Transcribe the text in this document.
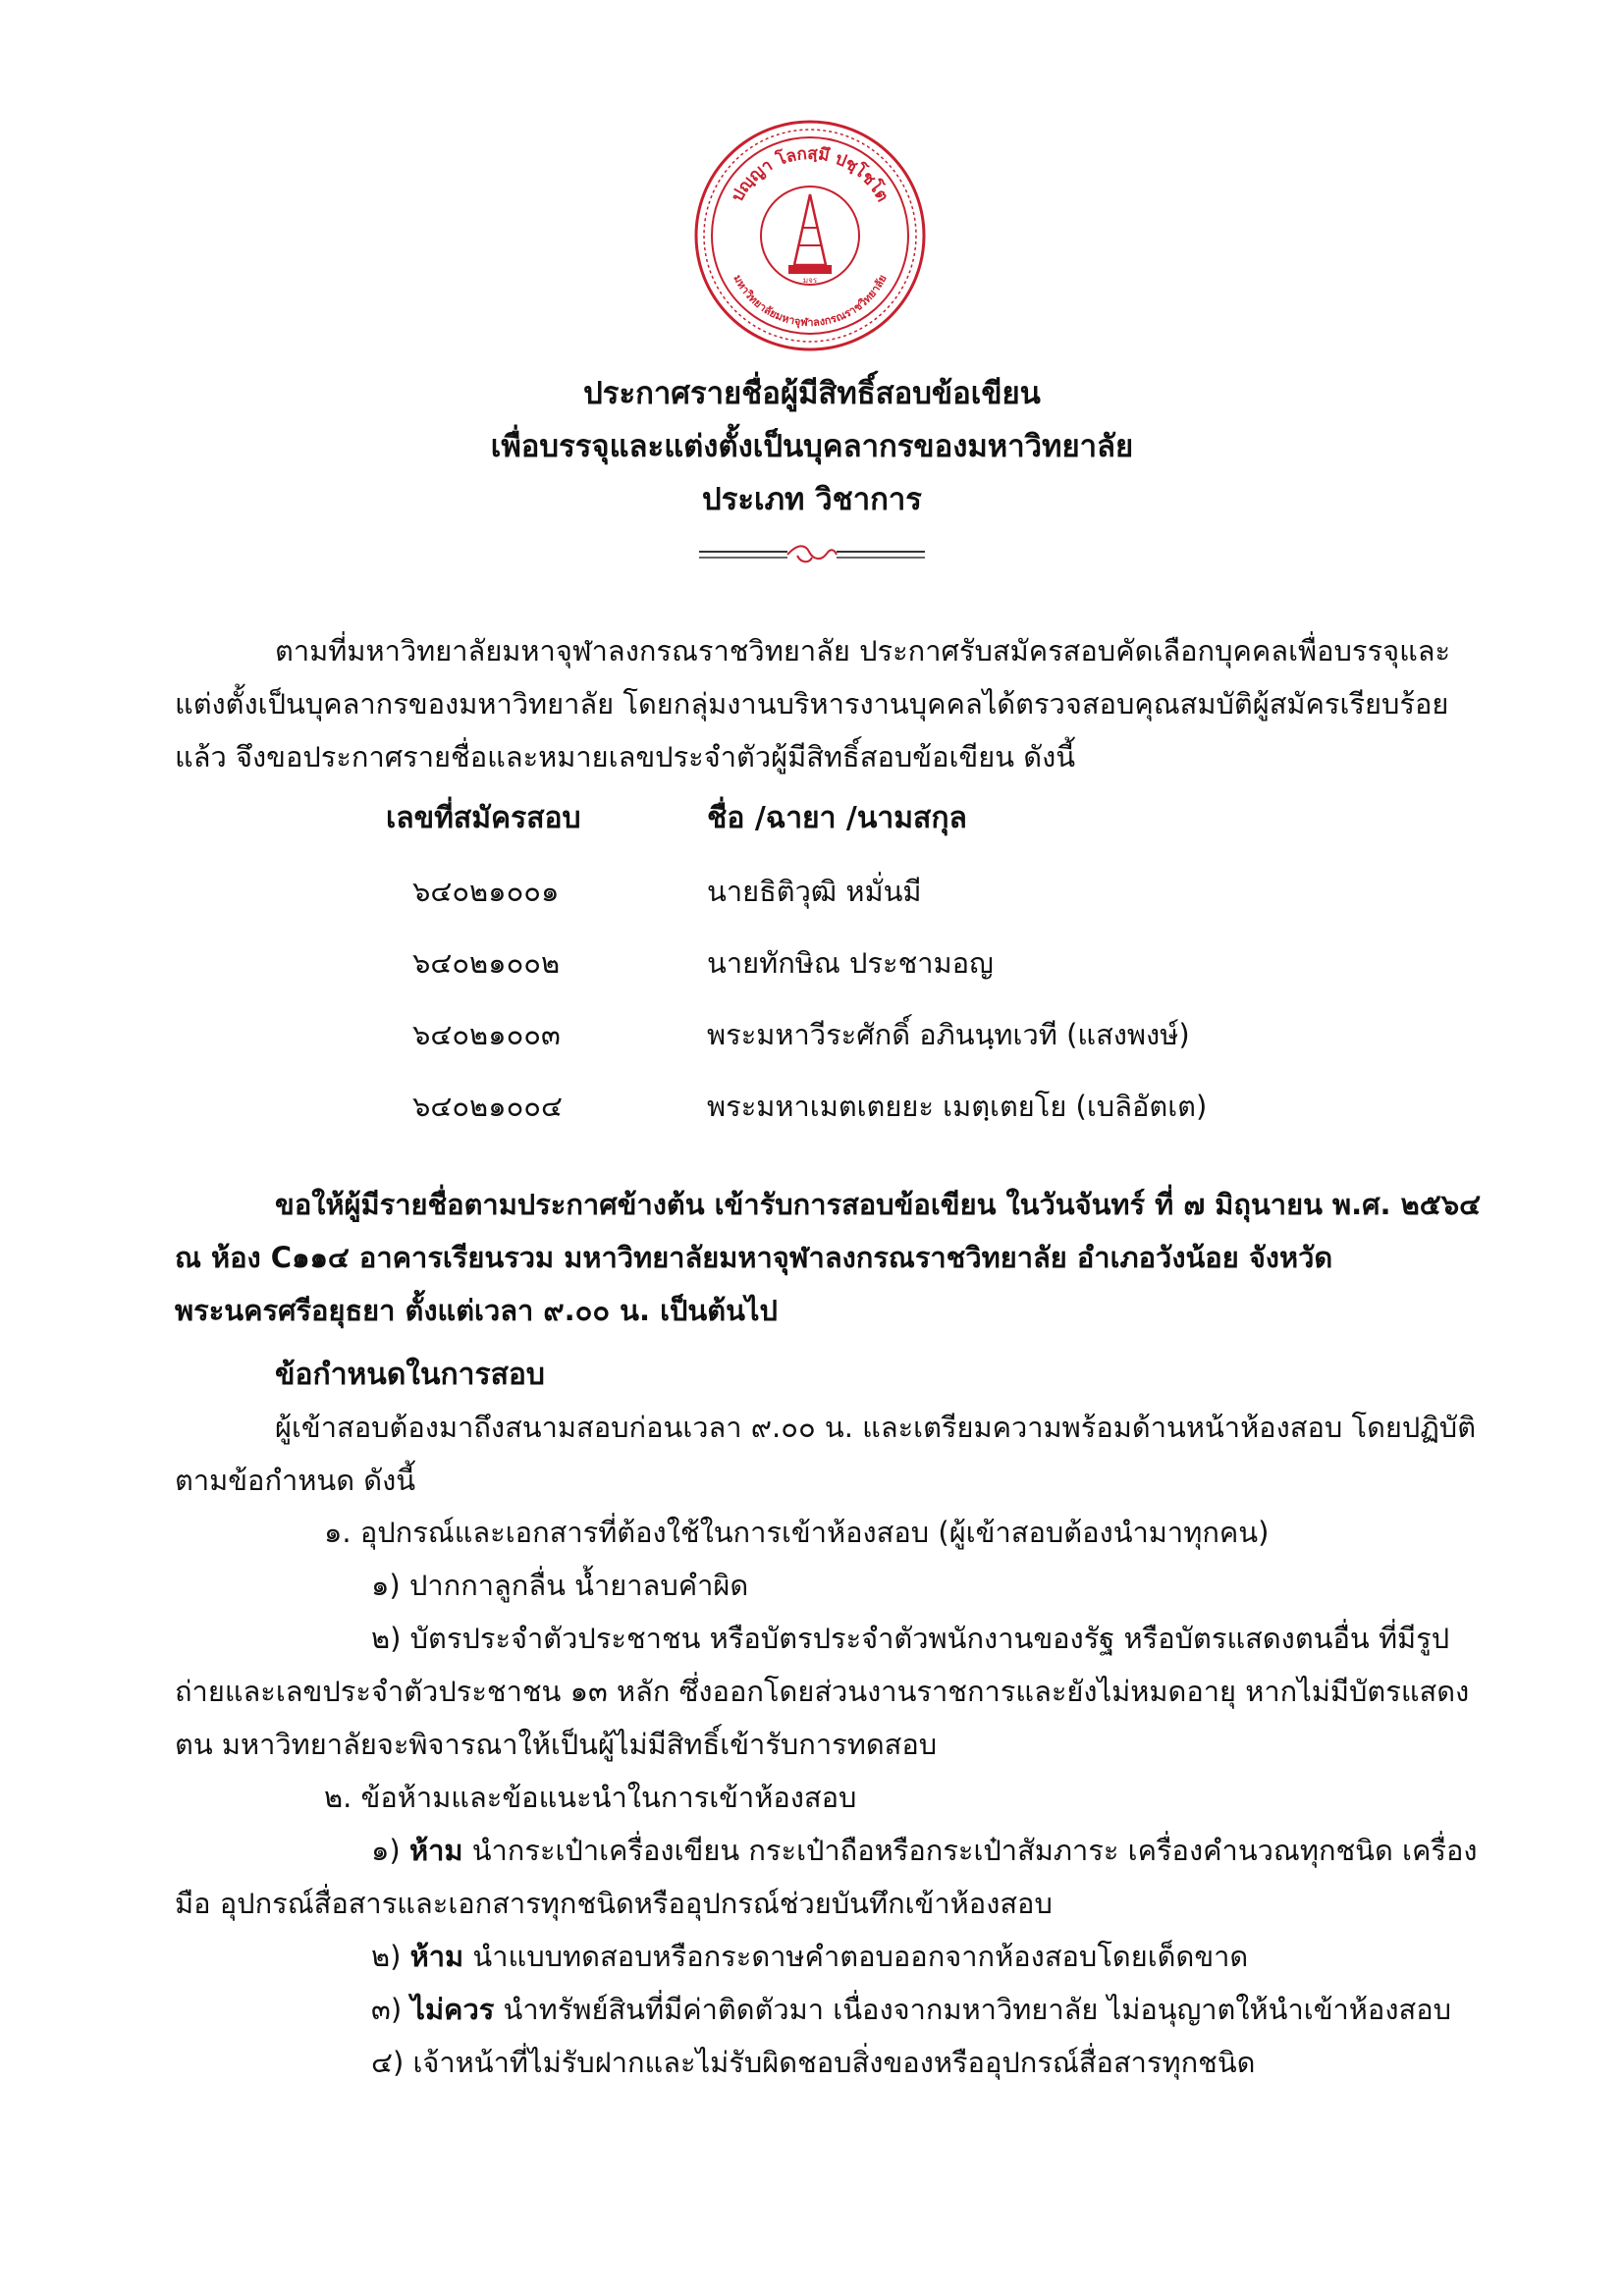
ปญฺญา โลกสฺมึ ปชฺโชโต
มหาวิทยาลัยมหาจุฬาลงกรณราชวิทยาลัย
มจร
ประกาศรายชื่อผู้มีสิทธิ์สอบข้อเขียน
เพื่อบรรจุและแต่งตั้งเป็นบุคลากรของมหาวิทยาลัย
ประเภท วิชาการ
ตามที่มหาวิทยาลัยมหาจุฬาลงกรณราชวิทยาลัย ประกาศรับสมัครสอบคัดเลือกบุคคลเพื่อบรรจุและแต่งตั้งเป็นบุคลากรของมหาวิทยาลัย โดยกลุ่มงานบริหารงานบุคคลได้ตรวจสอบคุณสมบัติผู้สมัครเรียบร้อยแล้ว จึงขอประกาศรายชื่อและหมายเลขประจำตัวผู้มีสิทธิ์สอบข้อเขียน ดังนี้
เลขที่สมัครสอบ	ชื่อ /ฉายา /นามสกุล
๖๔๐๒๑๐๐๑	นายธิติวุฒิ หมั่นมี
๖๔๐๒๑๐๐๒	นายทักษิณ ประชามอญ
๖๔๐๒๑๐๐๓	พระมหาวีระศักดิ์ อภินนฺทเวที (แสงพงษ์)
๖๔๐๒๑๐๐๔	พระมหาเมตเตยยะ เมตฺเตยโย (เบลิอัตเต)
ขอให้ผู้มีรายชื่อตามประกาศข้างต้น เข้ารับการสอบข้อเขียน ในวันจันทร์ ที่ ๗ มิถุนายน พ.ศ. ๒๕๖๔ ณ ห้อง C๑๑๔ อาคารเรียนรวม มหาวิทยาลัยมหาจุฬาลงกรณราชวิทยาลัย อำเภอวังน้อย จังหวัดพระนครศรีอยุธยา ตั้งแต่เวลา ๙.๐๐ น. เป็นต้นไป
ข้อกำหนดในการสอบ
ผู้เข้าสอบต้องมาถึงสนามสอบก่อนเวลา ๙.๐๐ น. และเตรียมความพร้อมด้านหน้าห้องสอบ โดยปฏิบัติตามข้อกำหนด ดังนี้
๑. อุปกรณ์และเอกสารที่ต้องใช้ในการเข้าห้องสอบ (ผู้เข้าสอบต้องนำมาทุกคน)
๑) ปากกาลูกลื่น น้ำยาลบคำผิด
๒) บัตรประจำตัวประชาชน หรือบัตรประจำตัวพนักงานของรัฐ หรือบัตรแสดงตนอื่น ที่มีรูปถ่ายและเลขประจำตัวประชาชน ๑๓ หลัก ซึ่งออกโดยส่วนงานราชการและยังไม่หมดอายุ หากไม่มีบัตรแสดงตน มหาวิทยาลัยจะพิจารณาให้เป็นผู้ไม่มีสิทธิ์เข้ารับการทดสอบ
๒. ข้อห้ามและข้อแนะนำในการเข้าห้องสอบ
๑) ห้าม นำกระเป๋าเครื่องเขียน กระเป๋าถือหรือกระเป๋าสัมภาระ เครื่องคำนวณทุกชนิด เครื่องมือ อุปกรณ์สื่อสารและเอกสารทุกชนิดหรืออุปกรณ์ช่วยบันทึกเข้าห้องสอบ
๒) ห้าม นำแบบทดสอบหรือกระดาษคำตอบออกจากห้องสอบโดยเด็ดขาด
๓) ไม่ควร นำทรัพย์สินที่มีค่าติดตัวมา เนื่องจากมหาวิทยาลัย ไม่อนุญาตให้นำเข้าห้องสอบ
๔) เจ้าหน้าที่ไม่รับฝากและไม่รับผิดชอบสิ่งของหรืออุปกรณ์สื่อสารทุกชนิด
